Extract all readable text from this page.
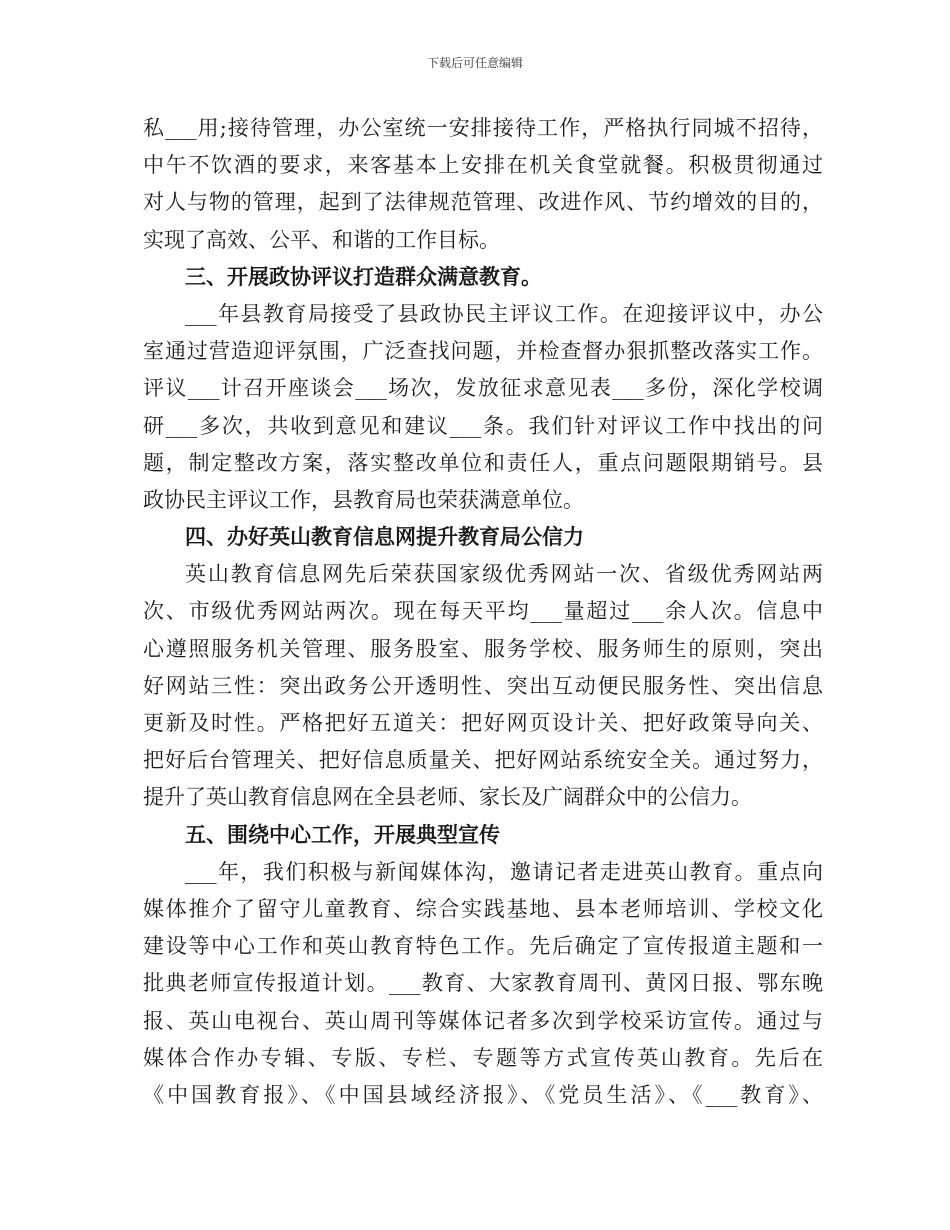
下载后可任意编辑
私___用;接待管理，办公室统一安排接待工作，严格执行同城不招待，
中午不饮酒的要求，来客基本上安排在机关食堂就餐。积极贯彻通过
对人与物的管理，起到了法律规范管理、改进作风、节约增效的目的，
实现了高效、公平、和谐的工作目标。
三、开展政协评议打造群众满意教育。
___年县教育局接受了县政协民主评议工作。在迎接评议中，办公
室通过营造迎评氛围，广泛查找问题，并检查督办狠抓整改落实工作。
评议___计召开座谈会___场次，发放征求意见表___多份，深化学校调
研___多次，共收到意见和建议___条。我们针对评议工作中找出的问
题，制定整改方案，落实整改单位和责任人，重点问题限期销号。县
政协民主评议工作，县教育局也荣获满意单位。
四、办好英山教育信息网提升教育局公信力
英山教育信息网先后荣获国家级优秀网站一次、省级优秀网站两
次、市级优秀网站两次。现在每天平均___量超过___余人次。信息中
心遵照服务机关管理、服务股室、服务学校、服务师生的原则，突出
好网站三性：突出政务公开透明性、突出互动便民服务性、突出信息
更新及时性。严格把好五道关：把好网页设计关、把好政策导向关、
把好后台管理关、把好信息质量关、把好网站系统安全关。通过努力，
提升了英山教育信息网在全县老师、家长及广阔群众中的公信力。
五、围绕中心工作，开展典型宣传
___年，我们积极与新闻媒体沟，邀请记者走进英山教育。重点向
媒体推介了留守儿童教育、综合实践基地、县本老师培训、学校文化
建设等中心工作和英山教育特色工作。先后确定了宣传报道主题和一
批典老师宣传报道计划。___教育、大家教育周刊、黄冈日报、鄂东晚
报、英山电视台、英山周刊等媒体记者多次到学校采访宣传。通过与
媒体合作办专辑、专版、专栏、专题等方式宣传英山教育。先后在
《中国教育报》、《中国县域经济报》、《党员生活》、《___教育》、
